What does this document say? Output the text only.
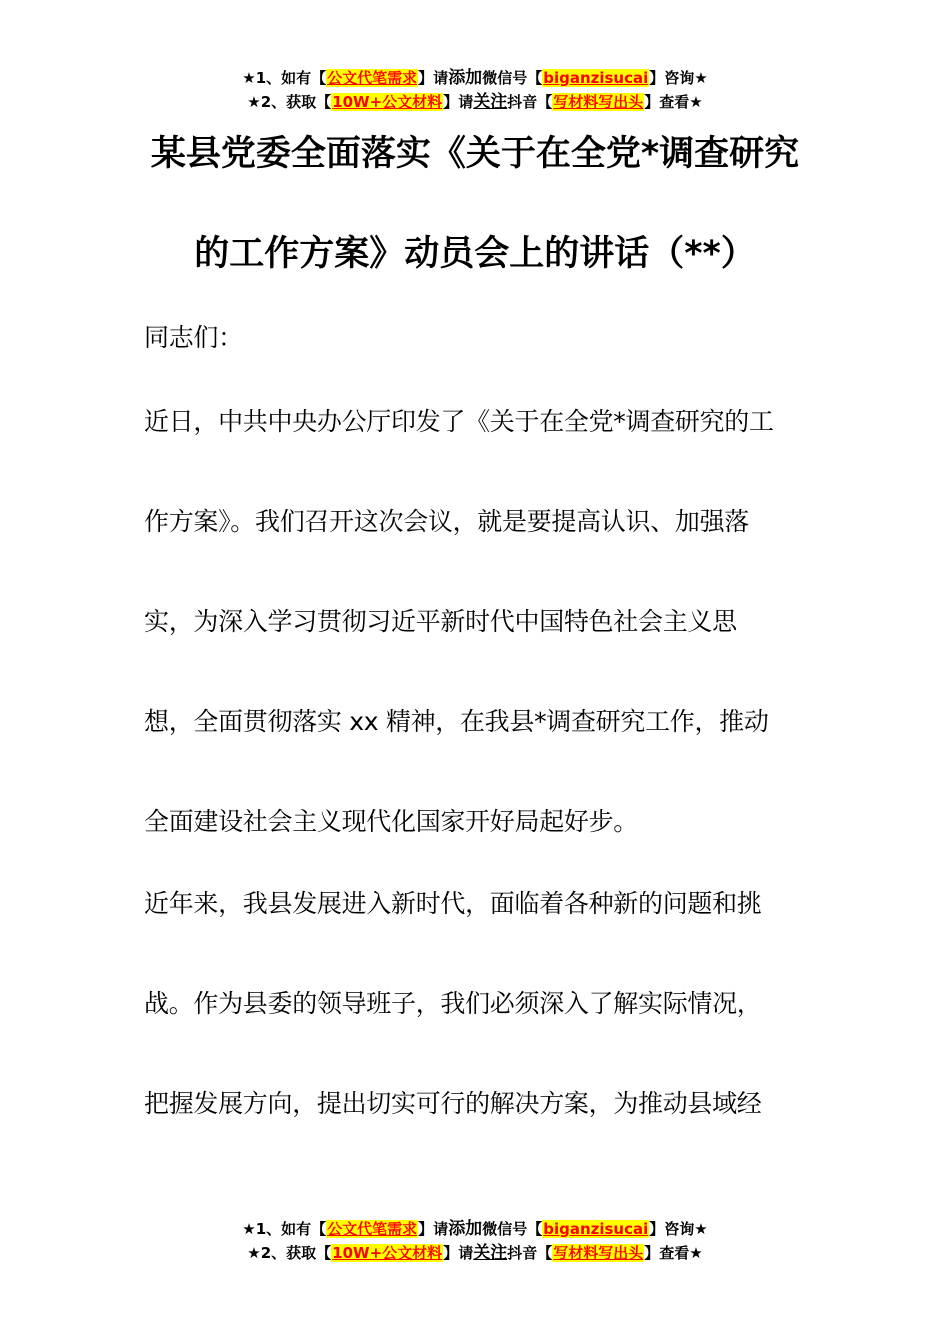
★1、如有【公文代笔需求】请添加微信号【biganzisucai】咨询★
★2、获取【10W+公文材料】请关注抖音【写材料写出头】查看★
某县党委全面落实《关于在全党*调查研究
的工作方案》动员会上的讲话（**）
同志们：
近日，中共中央办公厅印发了《关于在全党*调查研究的工
作方案》。我们召开这次会议，就是要提高认识、加强落
实，为深入学习贯彻习近平新时代中国特色社会主义思
想，全面贯彻落实 xx 精神，在我县*调查研究工作，推动
全面建设社会主义现代化国家开好局起好步。
近年来，我县发展进入新时代，面临着各种新的问题和挑
战。作为县委的领导班子，我们必须深入了解实际情况，
把握发展方向，提出切实可行的解决方案，为推动县域经
★1、如有【公文代笔需求】请添加微信号【biganzisucai】咨询★
★2、获取【10W+公文材料】请关注抖音【写材料写出头】查看★
